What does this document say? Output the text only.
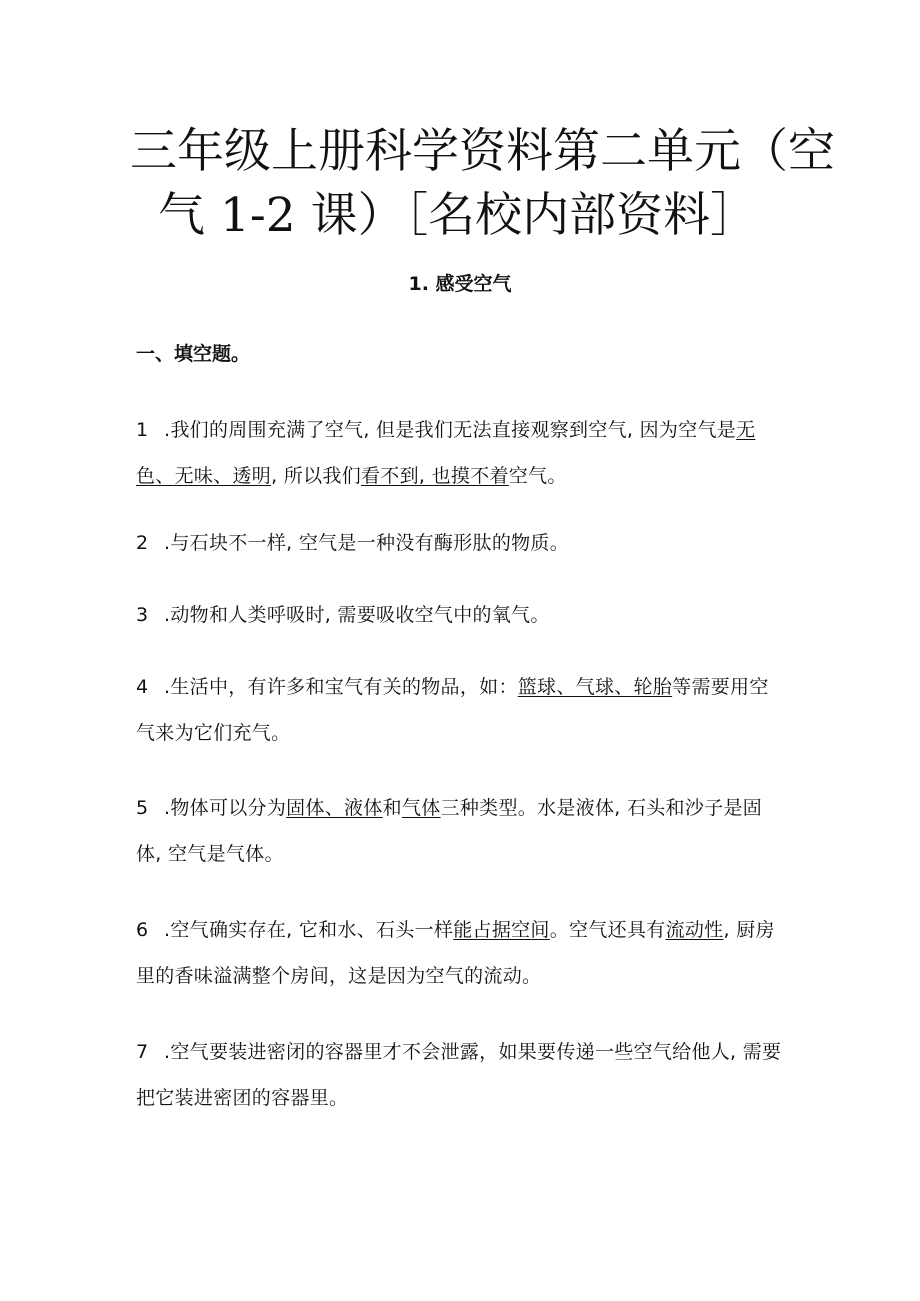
三年级上册科学资料第二单元（空
气 1-2 课）［名校内部资料］
1. 感受空气
一、填空题。
1 .我们的周围充满了空气, 但是我们无法直接观察到空气, 因为空气是无色、无味、透明, 所以我们看不到, 也摸不着空气。
2 .与石块不一样, 空气是一种没有酶形肽的物质。
3 .动物和人类呼吸时, 需要吸收空气中的氧气。
4 .生活中，有许多和宝气有关的物品，如：篮球、气球、轮胎等需要用空气来为它们充气。
5 .物体可以分为固体、液体和气体三种类型。水是液体, 石头和沙子是固体, 空气是气体。
6 .空气确实存在, 它和水、石头一样能占据空间。空气还具有流动性, 厨房里的香味溢满整个房间，这是因为空气的流动。
7 .空气要装进密闭的容器里才不会泄露，如果要传递一些空气给他人, 需要把它装进密团的容器里。
